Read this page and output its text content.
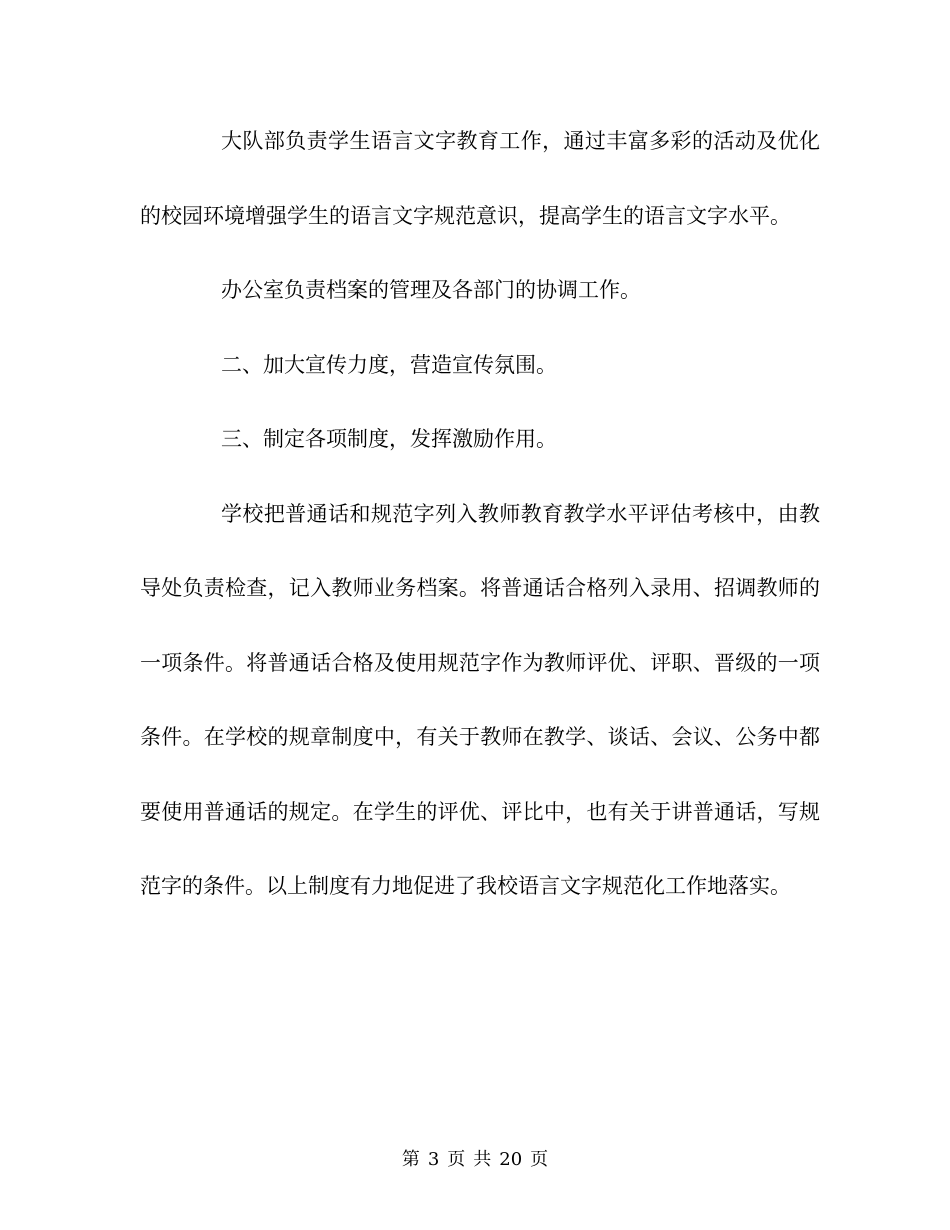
大队部负责学生语言文字教育工作，通过丰富多彩的活动及优化的校园环境增强学生的语言文字规范意识，提高学生的语言文字水平。

办公室负责档案的管理及各部门的协调工作。

二、加大宣传力度，营造宣传氛围。

三、制定各项制度，发挥激励作用。

学校把普通话和规范字列入教师教育教学水平评估考核中，由教导处负责检查，记入教师业务档案。将普通话合格列入录用、招调教师的一项条件。将普通话合格及使用规范字作为教师评优、评职、晋级的一项条件。在学校的规章制度中，有关于教师在教学、谈话、会议、公务中都要使用普通话的规定。在学生的评优、评比中，也有关于讲普通话，写规范字的条件。以上制度有力地促进了我校语言文字规范化工作地落实。

第 3 页 共 20 页
